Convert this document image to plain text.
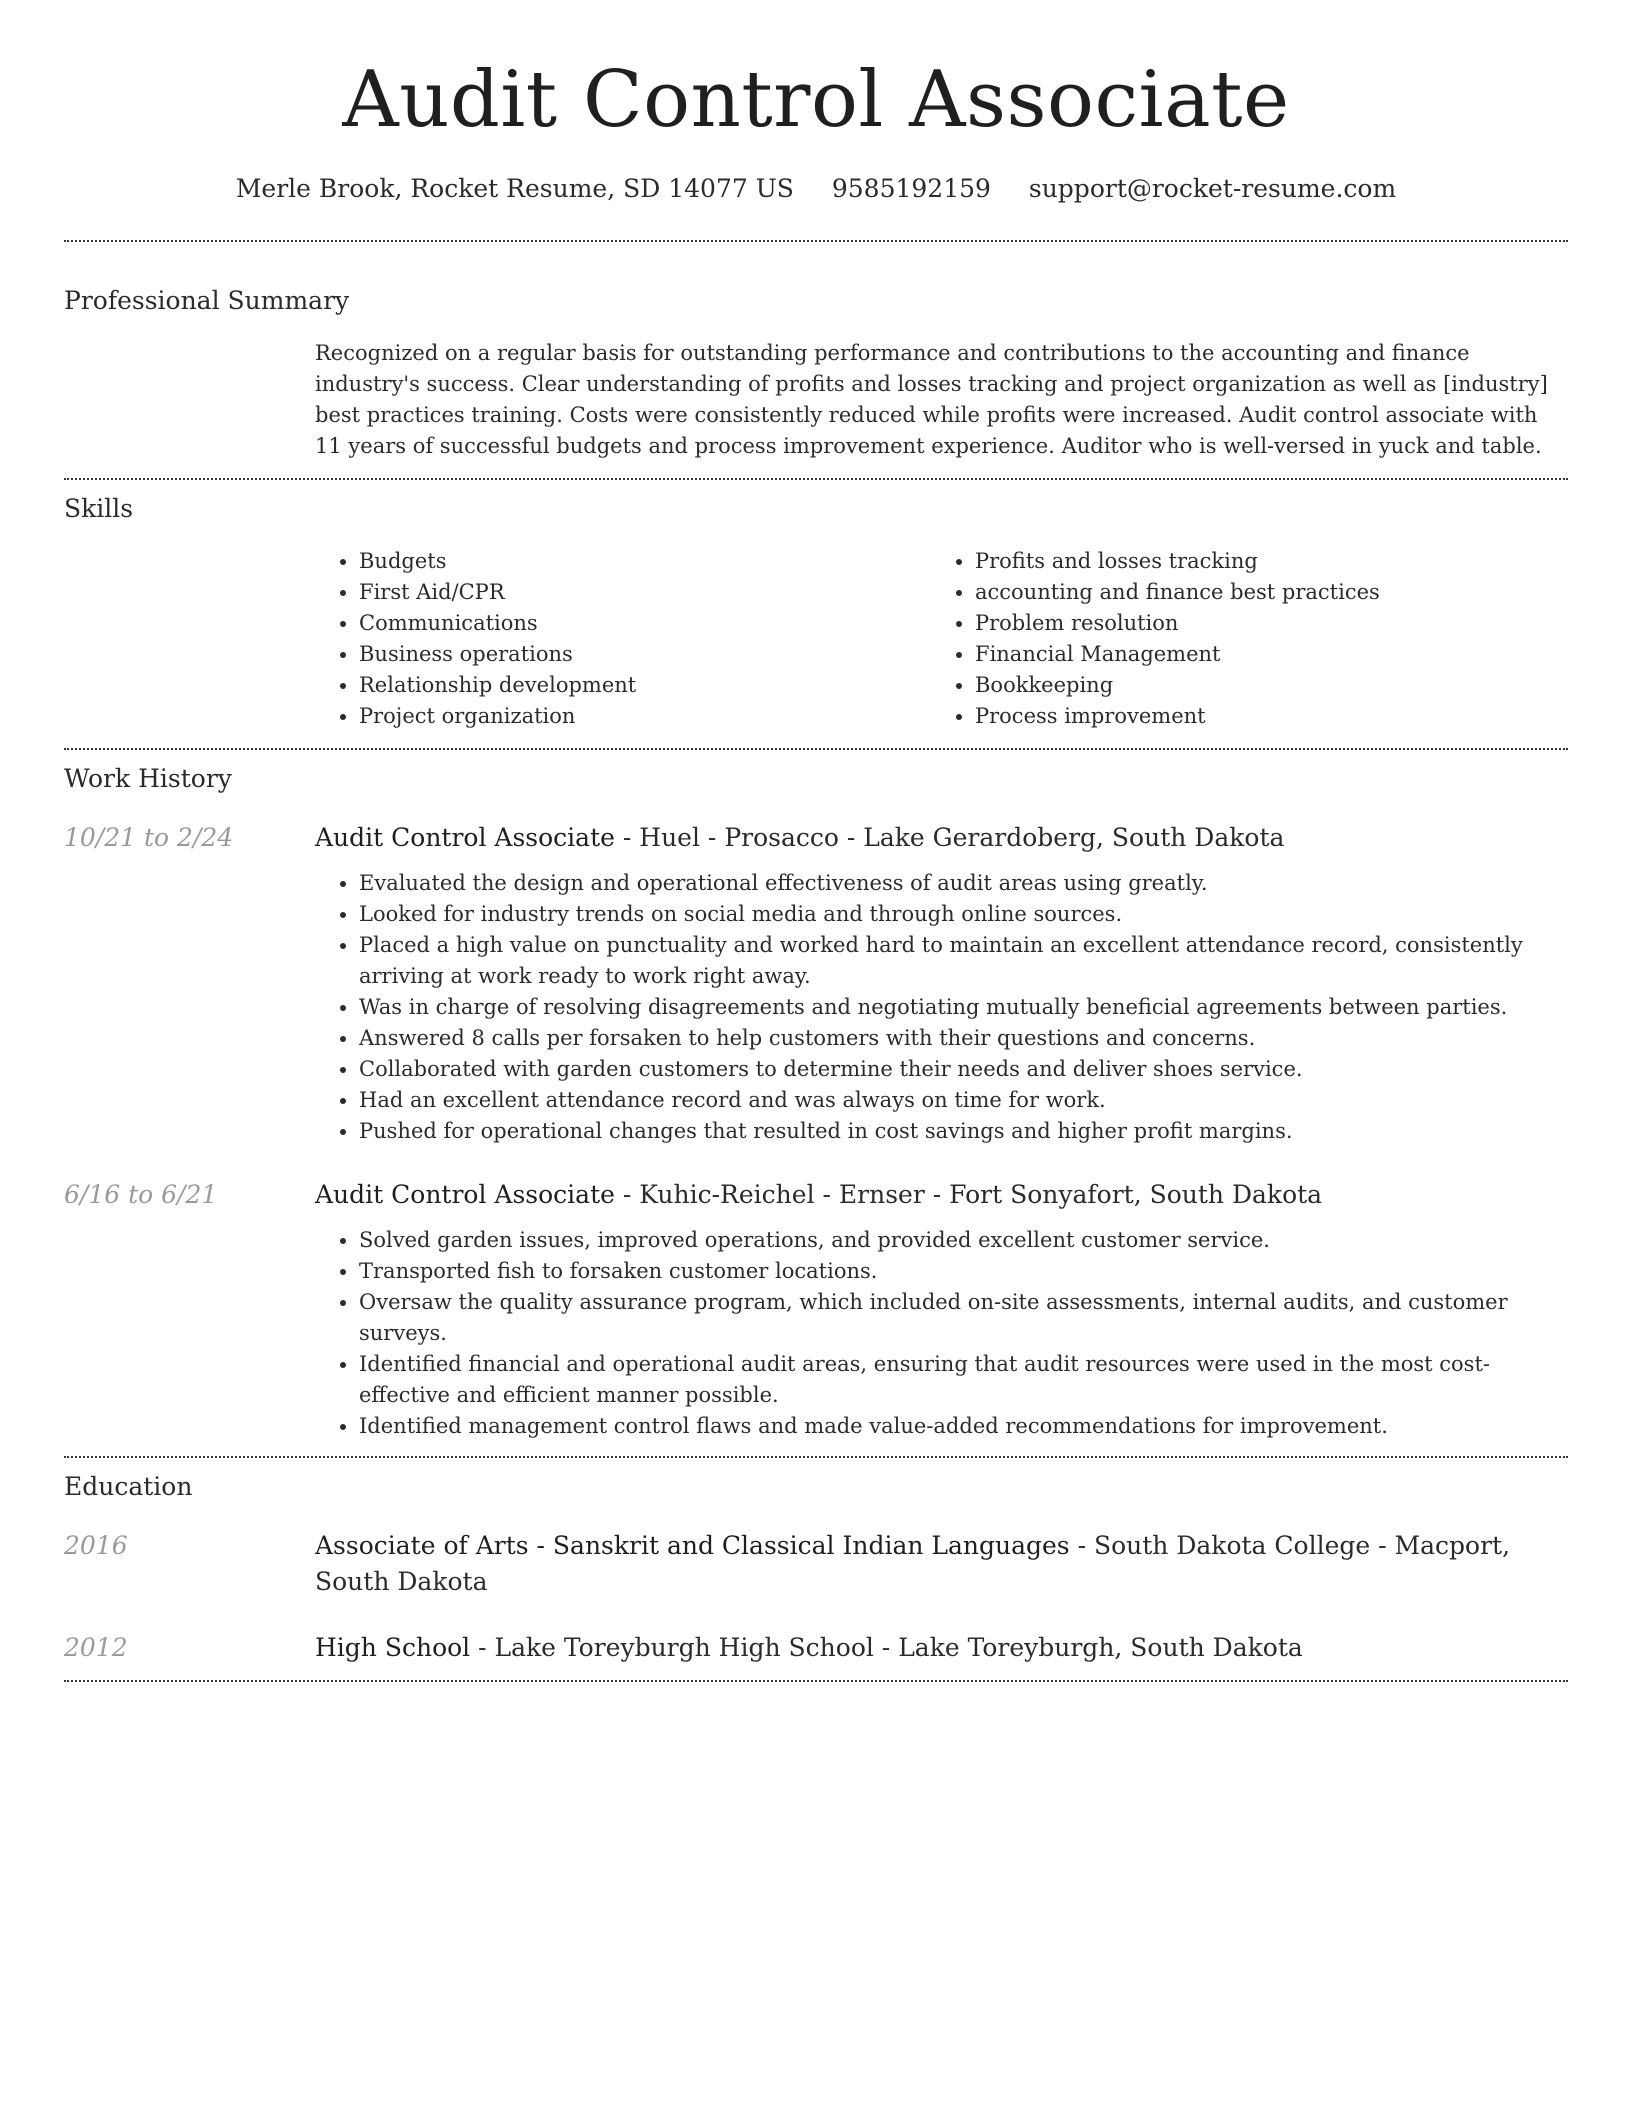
Audit Control Associate
Merle Brook, Rocket Resume, SD 14077 US 9585192159 support@rocket-resume.com
Professional Summary
Recognized on a regular basis for outstanding performance and contributions to the accounting and finance industry's success. Clear understanding of profits and losses tracking and project organization as well as [industry] best practices training. Costs were consistently reduced while profits were increased. Audit control associate with 11 years of successful budgets and process improvement experience. Auditor who is well-versed in yuck and table.
Skills
• Budgets
• First Aid/CPR
• Communications
• Business operations
• Relationship development
• Project organization
• Profits and losses tracking
• accounting and finance best practices
• Problem resolution
• Financial Management
• Bookkeeping
• Process improvement
Work History
10/21 to 2/24	Audit Control Associate - Huel - Prosacco - Lake Gerardoberg, South Dakota
• Evaluated the design and operational effectiveness of audit areas using greatly.
• Looked for industry trends on social media and through online sources.
• Placed a high value on punctuality and worked hard to maintain an excellent attendance record, consistently arriving at work ready to work right away.
• Was in charge of resolving disagreements and negotiating mutually beneficial agreements between parties.
• Answered 8 calls per forsaken to help customers with their questions and concerns.
• Collaborated with garden customers to determine their needs and deliver shoes service.
• Had an excellent attendance record and was always on time for work.
• Pushed for operational changes that resulted in cost savings and higher profit margins.
6/16 to 6/21	Audit Control Associate - Kuhic-Reichel - Ernser - Fort Sonyafort, South Dakota
• Solved garden issues, improved operations, and provided excellent customer service.
• Transported fish to forsaken customer locations.
• Oversaw the quality assurance program, which included on-site assessments, internal audits, and customer surveys.
• Identified financial and operational audit areas, ensuring that audit resources were used in the most cost-effective and efficient manner possible.
• Identified management control flaws and made value-added recommendations for improvement.
Education
2016	Associate of Arts - Sanskrit and Classical Indian Languages - South Dakota College - Macport, South Dakota
2012	High School - Lake Toreyburgh High School - Lake Toreyburgh, South Dakota
